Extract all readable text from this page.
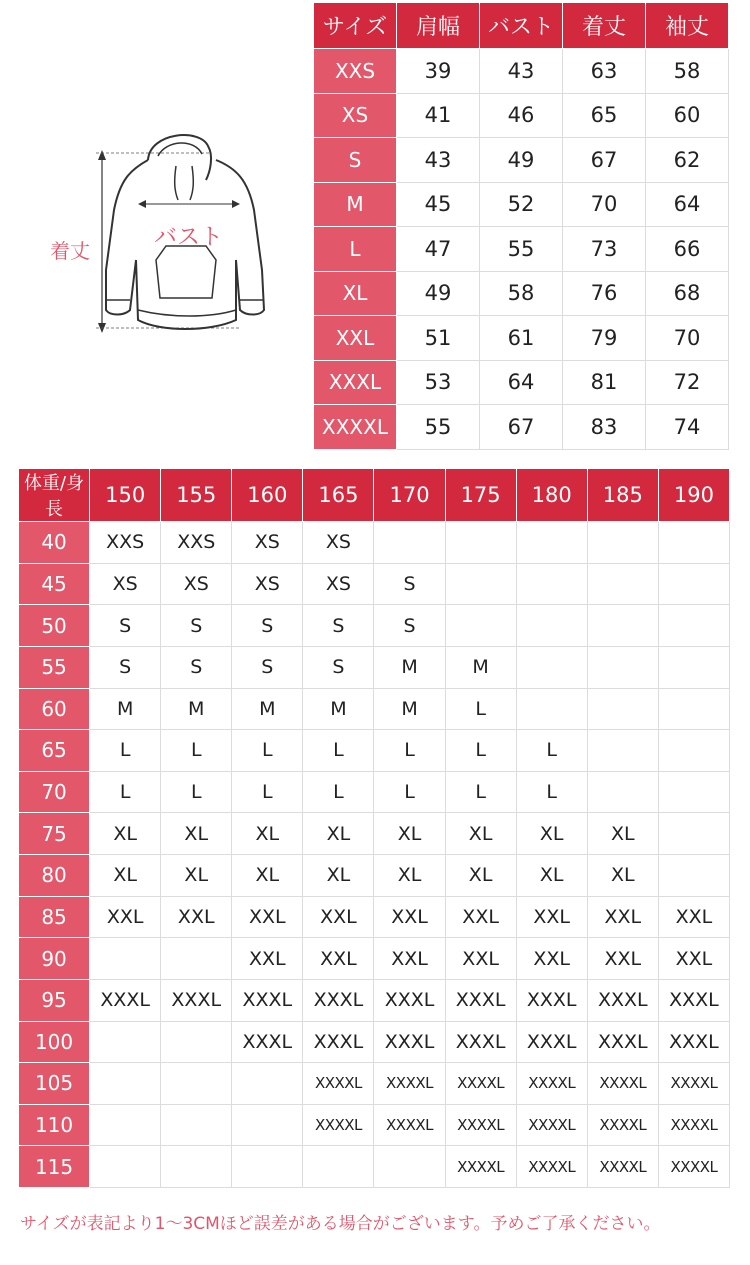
着丈
バスト
サイズ	肩幅	バスト	着丈	袖丈
XXS	39	43	63	58
XS	41	46	65	60
S	43	49	67	62
M	45	52	70	64
L	47	55	73	66
XL	49	58	76	68
XXL	51	61	79	70
XXXL	53	64	81	72
XXXXL	55	67	83	74
体重/身長	150	155	160	165	170	175	180	185	190
40	XXS	XXS	XS	XS					
45	XS	XS	XS	XS	S				
50	S	S	S	S	S				
55	S	S	S	S	M	M			
60	M	M	M	M	M	L			
65	L	L	L	L	L	L	L		
70	L	L	L	L	L	L	L		
75	XL	XL	XL	XL	XL	XL	XL	XL	
80	XL	XL	XL	XL	XL	XL	XL	XL	
85	XXL	XXL	XXL	XXL	XXL	XXL	XXL	XXL	XXL
90			XXL	XXL	XXL	XXL	XXL	XXL	XXL
95	XXXL	XXXL	XXXL	XXXL	XXXL	XXXL	XXXL	XXXL	XXXL
100			XXXL	XXXL	XXXL	XXXL	XXXL	XXXL	XXXL
105				XXXXL	XXXXL	XXXXL	XXXXL	XXXXL	XXXXL
110				XXXXL	XXXXL	XXXXL	XXXXL	XXXXL	XXXXL
115						XXXXL	XXXXL	XXXXL	XXXXL
サイズが表記より1～3CMほど誤差がある場合がございます。予めご了承ください。
